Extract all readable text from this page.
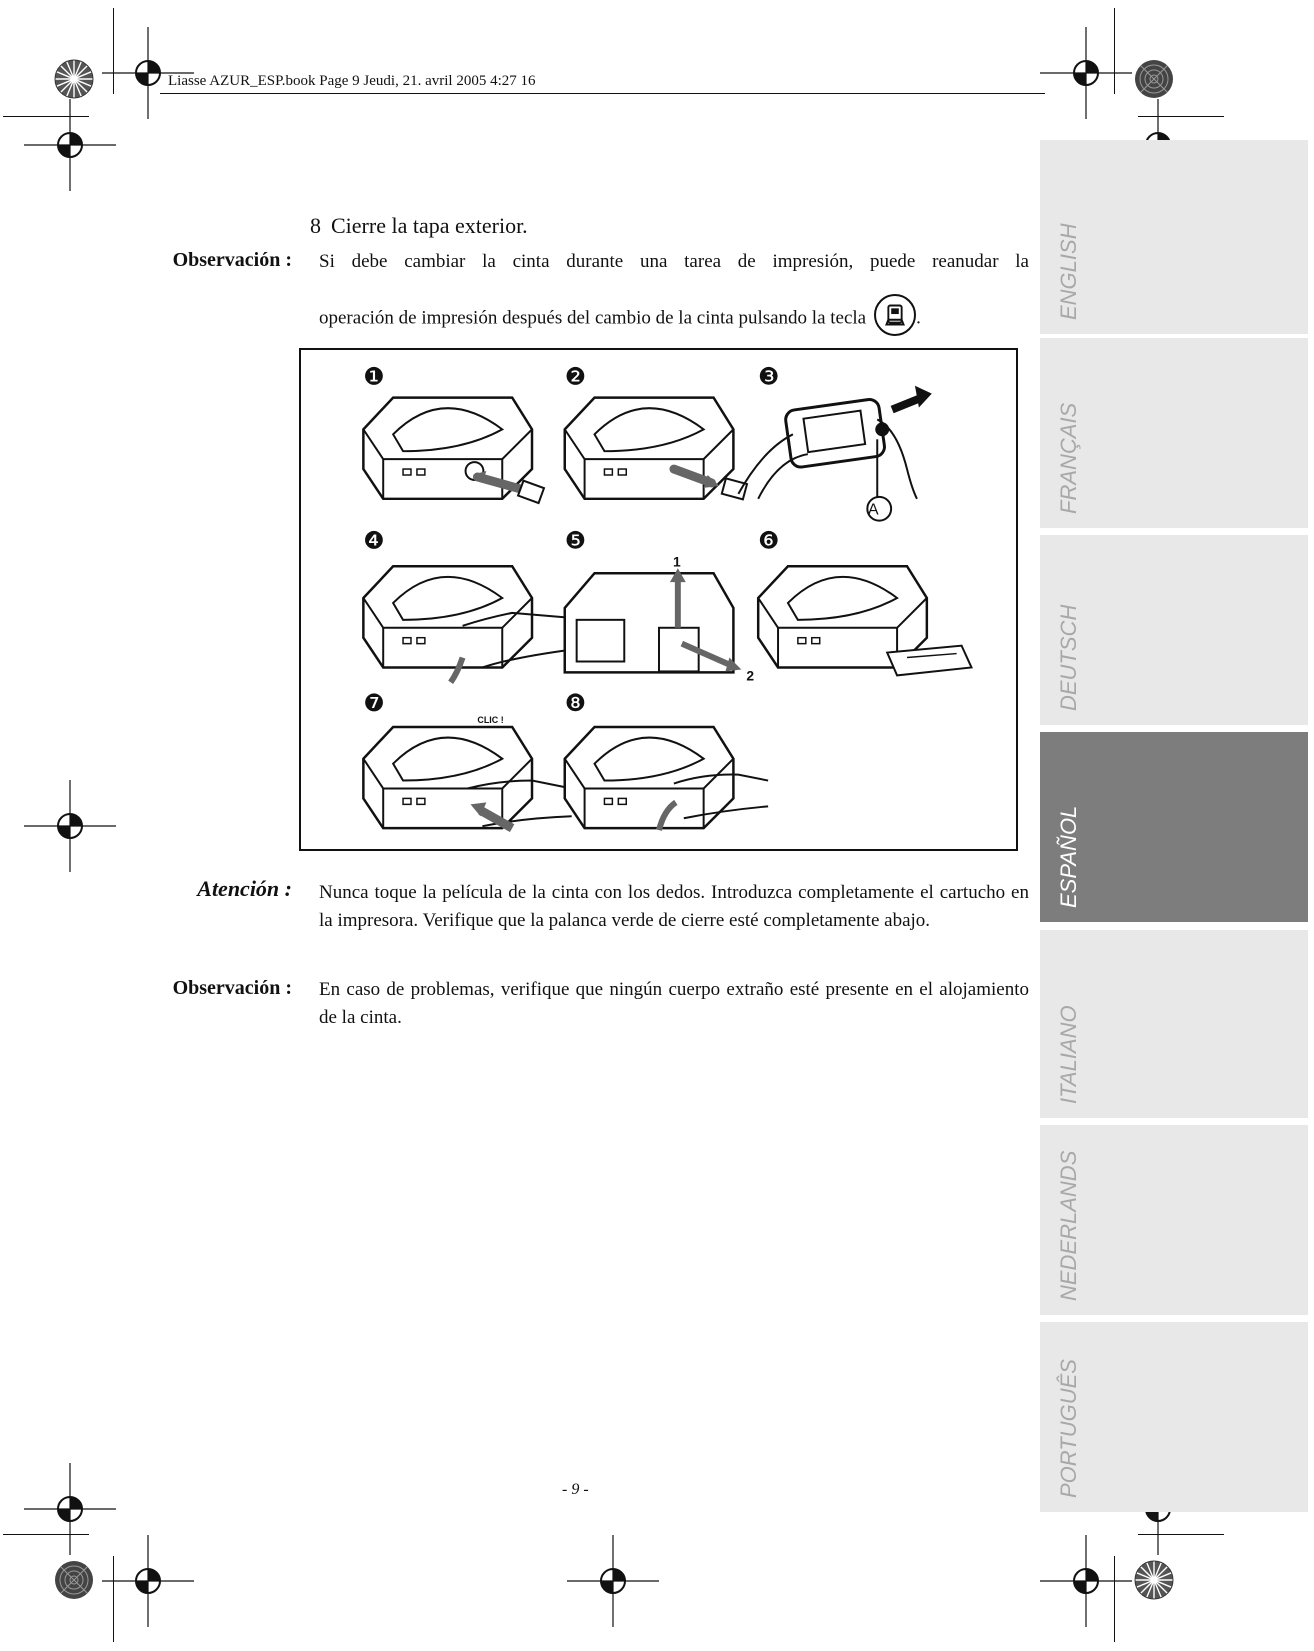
Liasse AZUR_ESP.book Page 9 Jeudi, 21. avril 2005 4:27 16
ENGLISH
FRANÇAIS
DEUTSCH
ESPAÑOL
ITALIANO
NEDERLANDS
PORTUGUÊS
8 Cierre la tapa exterior.
Observación : Si debe cambiar la cinta durante una tarea de impresión, puede reanudar la
operación de impresión después del cambio de la cinta pulsando la tecla	.
❶	❷	❸
❹	❺	❻
❼	❽
A
1
2
CLIC !
Atención : Nunca toque la película de la cinta con los dedos. Introduzca completamente el cartucho en la impresora. Verifique que la palanca verde de cierre esté completamente abajo.
Observación : En caso de problemas, verifique que ningún cuerpo extraño esté presente en el alojamiento de la cinta.
- 9 -
